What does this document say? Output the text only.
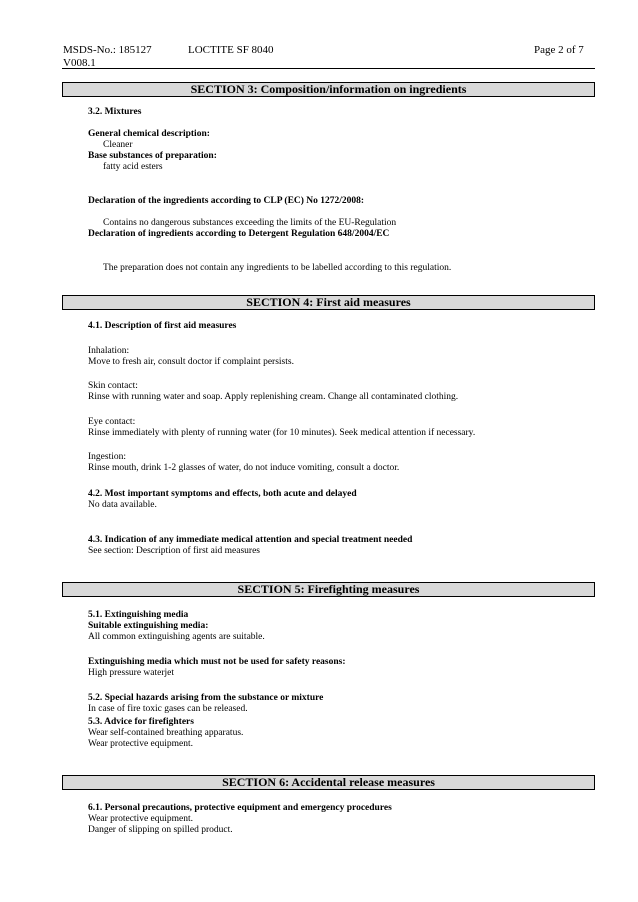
MSDS-No.: 185127	LOCTITE SF 8040	Page 2 of 7
V008.1
SECTION 3: Composition/information on ingredients
3.2. Mixtures
General chemical description:
Cleaner
Base substances of preparation:
fatty acid esters
Declaration of the ingredients according to CLP (EC) No 1272/2008:
Contains no dangerous substances exceeding the limits of the EU-Regulation
Declaration of ingredients according to Detergent Regulation 648/2004/EC
The preparation does not contain any ingredients to be labelled according to this regulation.
SECTION 4: First aid measures
4.1. Description of first aid measures
Inhalation:
Move to fresh air, consult doctor if complaint persists.
Skin contact:
Rinse with running water and soap. Apply replenishing cream. Change all contaminated clothing.
Eye contact:
Rinse immediately with plenty of running water (for 10 minutes). Seek medical attention if necessary.
Ingestion:
Rinse mouth, drink 1-2 glasses of water, do not induce vomiting, consult a doctor.
4.2. Most important symptoms and effects, both acute and delayed
No data available.
4.3. Indication of any immediate medical attention and special treatment needed
See section: Description of first aid measures
SECTION 5: Firefighting measures
5.1. Extinguishing media
Suitable extinguishing media:
All common extinguishing agents are suitable.
Extinguishing media which must not be used for safety reasons:
High pressure waterjet
5.2. Special hazards arising from the substance or mixture
In case of fire toxic gases can be released.
5.3. Advice for firefighters
Wear self-contained breathing apparatus.
Wear protective equipment.
SECTION 6: Accidental release measures
6.1. Personal precautions, protective equipment and emergency procedures
Wear protective equipment.
Danger of slipping on spilled product.
